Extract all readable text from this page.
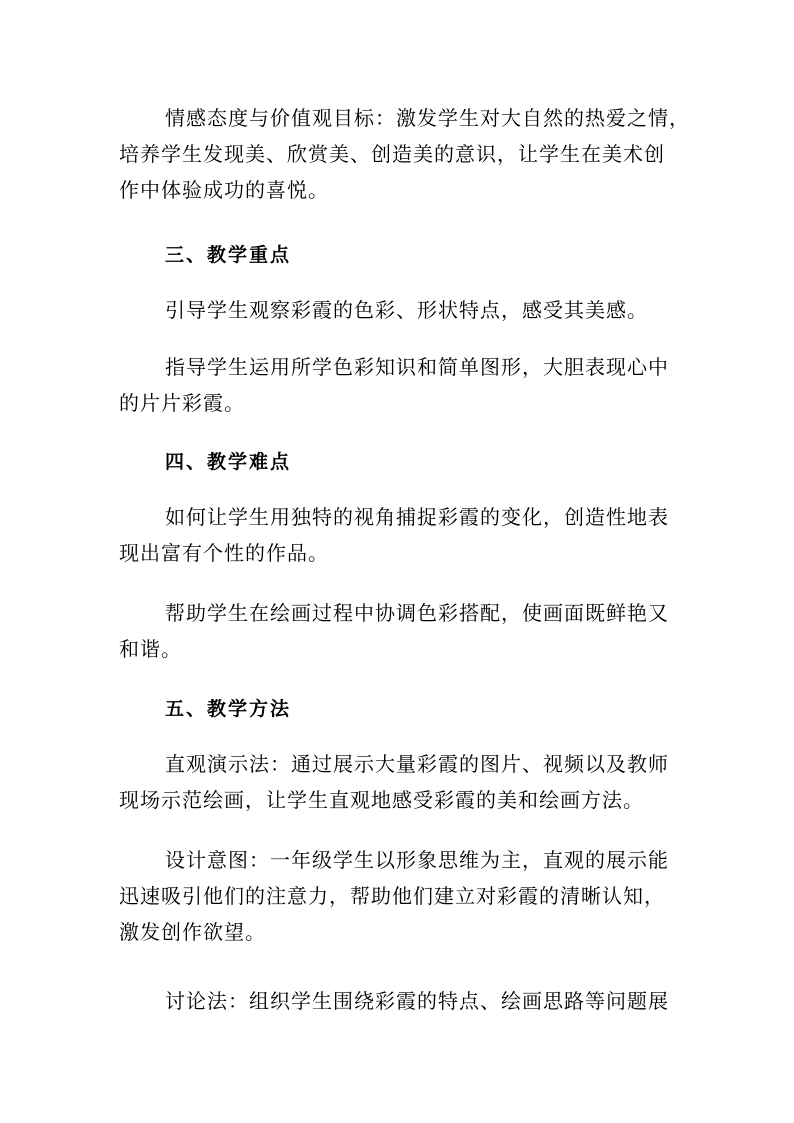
情感态度与价值观目标：激发学生对大自然的热爱之情，
培养学生发现美、欣赏美、创造美的意识，让学生在美术创
作中体验成功的喜悦。

三、教学重点

引导学生观察彩霞的色彩、形状特点，感受其美感。

指导学生运用所学色彩知识和简单图形，大胆表现心中
的片片彩霞。

四、教学难点

如何让学生用独特的视角捕捉彩霞的变化，创造性地表
现出富有个性的作品。

帮助学生在绘画过程中协调色彩搭配，使画面既鲜艳又
和谐。

五、教学方法

直观演示法：通过展示大量彩霞的图片、视频以及教师
现场示范绘画，让学生直观地感受彩霞的美和绘画方法。

设计意图：一年级学生以形象思维为主，直观的展示能
迅速吸引他们的注意力，帮助他们建立对彩霞的清晰认知，
激发创作欲望。

讨论法：组织学生围绕彩霞的特点、绘画思路等问题展
